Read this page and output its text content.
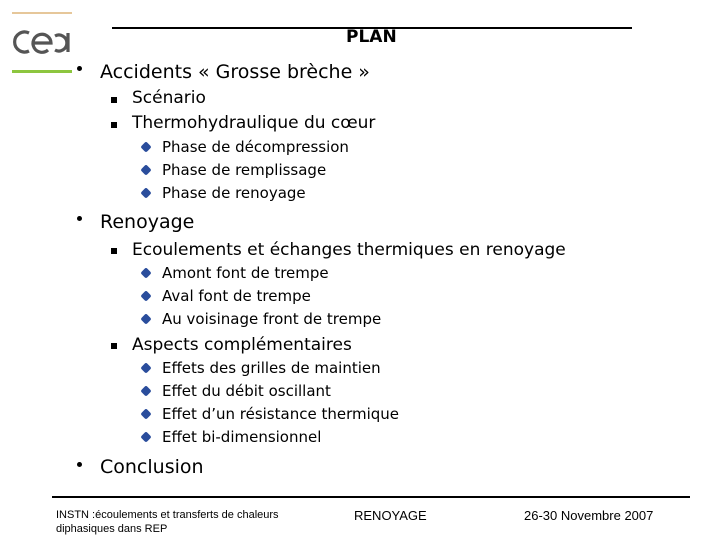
PLAN
Accidents « Grosse brèche »
Scénario
Thermohydraulique du cœur
Phase de décompression
Phase de remplissage
Phase de renoyage
Renoyage
Ecoulements et échanges thermiques en renoyage
Amont font de trempe
Aval font de trempe
Au voisinage front de trempe
Aspects complémentaires
Effets des grilles de maintien
Effet du débit oscillant
Effet d’un résistance thermique
Effet bi-dimensionnel
Conclusion
INSTN :écoulements et transferts de chaleurs diphasiques dans REP
RENOYAGE	26-30 Novembre 2007
